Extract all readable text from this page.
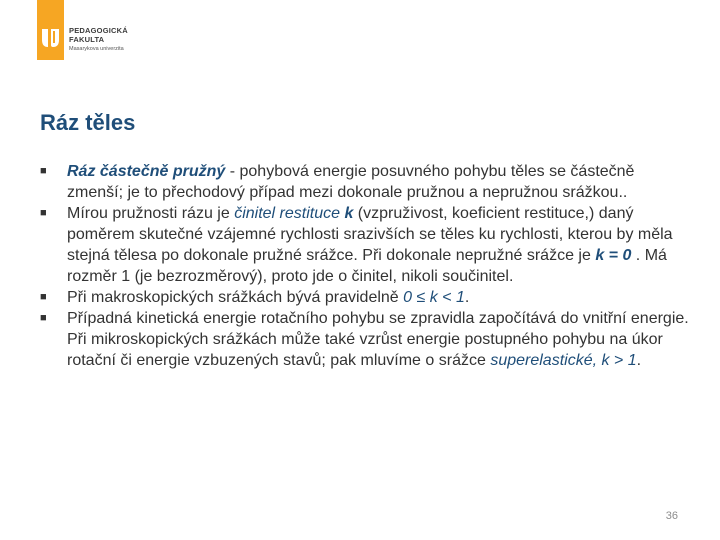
PEDAGOGICKÁ
FAKULTA
Masarykova univerzita
Ráz těles
■ Ráz částečně pružný - pohybová energie posuvného pohybu těles se částečně zmenší; je to přechodový případ mezi dokonale pružnou a nepružnou srážkou..
■ Mírou pružnosti rázu je činitel restituce k (vzpruživost, koeficient restituce,) daný poměrem skutečné vzájemné rychlosti srazivších se těles ku rychlosti, kterou by měla stejná tělesa po dokonale pružné srážce. Při dokonale nepružné srážce je k = 0 . Má rozměr 1 (je bezrozměrový), proto jde o činitel, nikoli součinitel.
■ Při makroskopických srážkách bývá pravidelně 0 ≤ k < 1.
■ Případná kinetická energie rotačního pohybu se zpravidla započítává do vnitřní energie. Při mikroskopických srážkách může také vzrůst energie postupného pohybu na úkor rotační či energie vzbuzených stavů; pak mluvíme o srážce superelastické, k > 1.
36
